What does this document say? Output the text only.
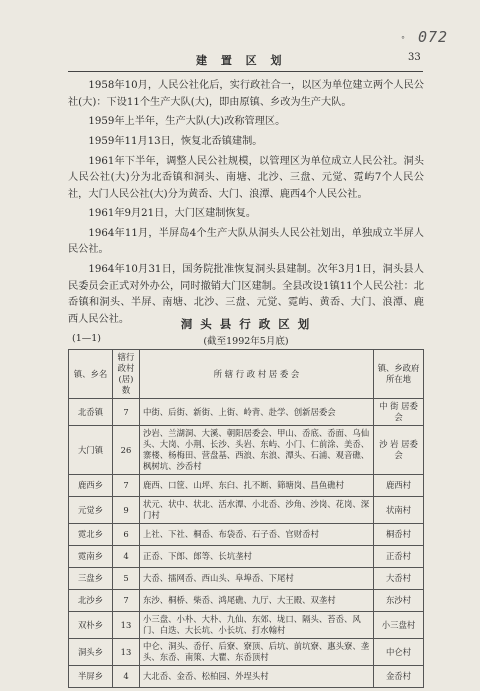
° 072
建 置 区 划	33

1958年10月，人民公社化后，实行政社合一，以区为单位建立两个人民公社(大)：下设11个生产大队(大)，即由原镇、乡改为生产大队。

1959年上半年，生产大队(大)改称管理区。

1959年11月13日，恢复北岙镇建制。

1961年下半年，调整人民公社规模，以管理区为单位成立人民公社。洞头人民公社(大)分为北岙镇和洞头、南塘、北沙、三盘、元觉、霓屿7个人民公社，大门人民公社(大)分为黄岙、大门、浪潭、鹿西4个人民公社。

1961年9月21日，大门区建制恢复。

1964年11月，半屏岛4个生产大队从洞头人民公社划出，单独成立半屏人民公社。

1964年10月31日，国务院批准恢复洞头县建制。次年3月1日，洞头县人民委员会正式对外办公，同时撤销大门区建制。全县改设1镇11个人民公社：北岙镇和洞头、半屏、南塘、北沙、三盘、元觉、霓屿、黄岙、大门、浪潭、鹿西人民公社。	洞 头 县 行 政 区 划
(1—1)	(截至1992年5月底)
镇、乡名	辖行政村(居)数	所 辖 行 政 村 居 委 会	镇、乡政府所在地
北岙镇	7	中街、后街、新街、上街、岭背、赴学、创新居委会	中 街 居委会
大门镇	26	沙岩、兰湖洞、大溪、朝阳居委会、甲山、岙底、岙面、乌仙头、大岗、小荆、长沙、头岩、东屿、小门、仁前涂、美岙、寨楼、杨梅田、营盘基、西浪、东浪、潭头、石浦、观音礁、枫树坑、沙岙村	沙 岩 居委会
鹿西乡	7	鹿西、口筐、山坪、东臼、扎不断、筛塘岗、昌鱼礁村	鹿西村
元觉乡	9	状元、状中、状北、活水潭、小北岙、沙角、沙岗、花岗、深门村	状南村
霓北乡	6	上社、下社、桐岙、布袋岙、石子岙、官财岙村	桐岙村
霓南乡	4	正岙、下郎、郎等、长坑垄村	正岙村
三盘乡	5	大岙、擂网岙、西山头、阜埠岙、下尾村	大岙村
北沙乡	7	东沙、桐桥、柴岙、鸿尾礁、九厅、大王殿、双垄村	东沙村
双朴乡	13	小三盘、小朴、大朴、九仙、东郊、垅口、隔头、苔岙、风门、白迭、大长坑、小长坑、打水翰村	小三盘村
洞头乡	13	中仑、洞头、岙仔、后寮、寮顶、后坑、前坑寮、惠头寮、垄头、东岙、南策、大瞿、东岙顶村	中仑村
半屏乡	4	大北岙、金岙、松柏园、外埕头村	金岙村
